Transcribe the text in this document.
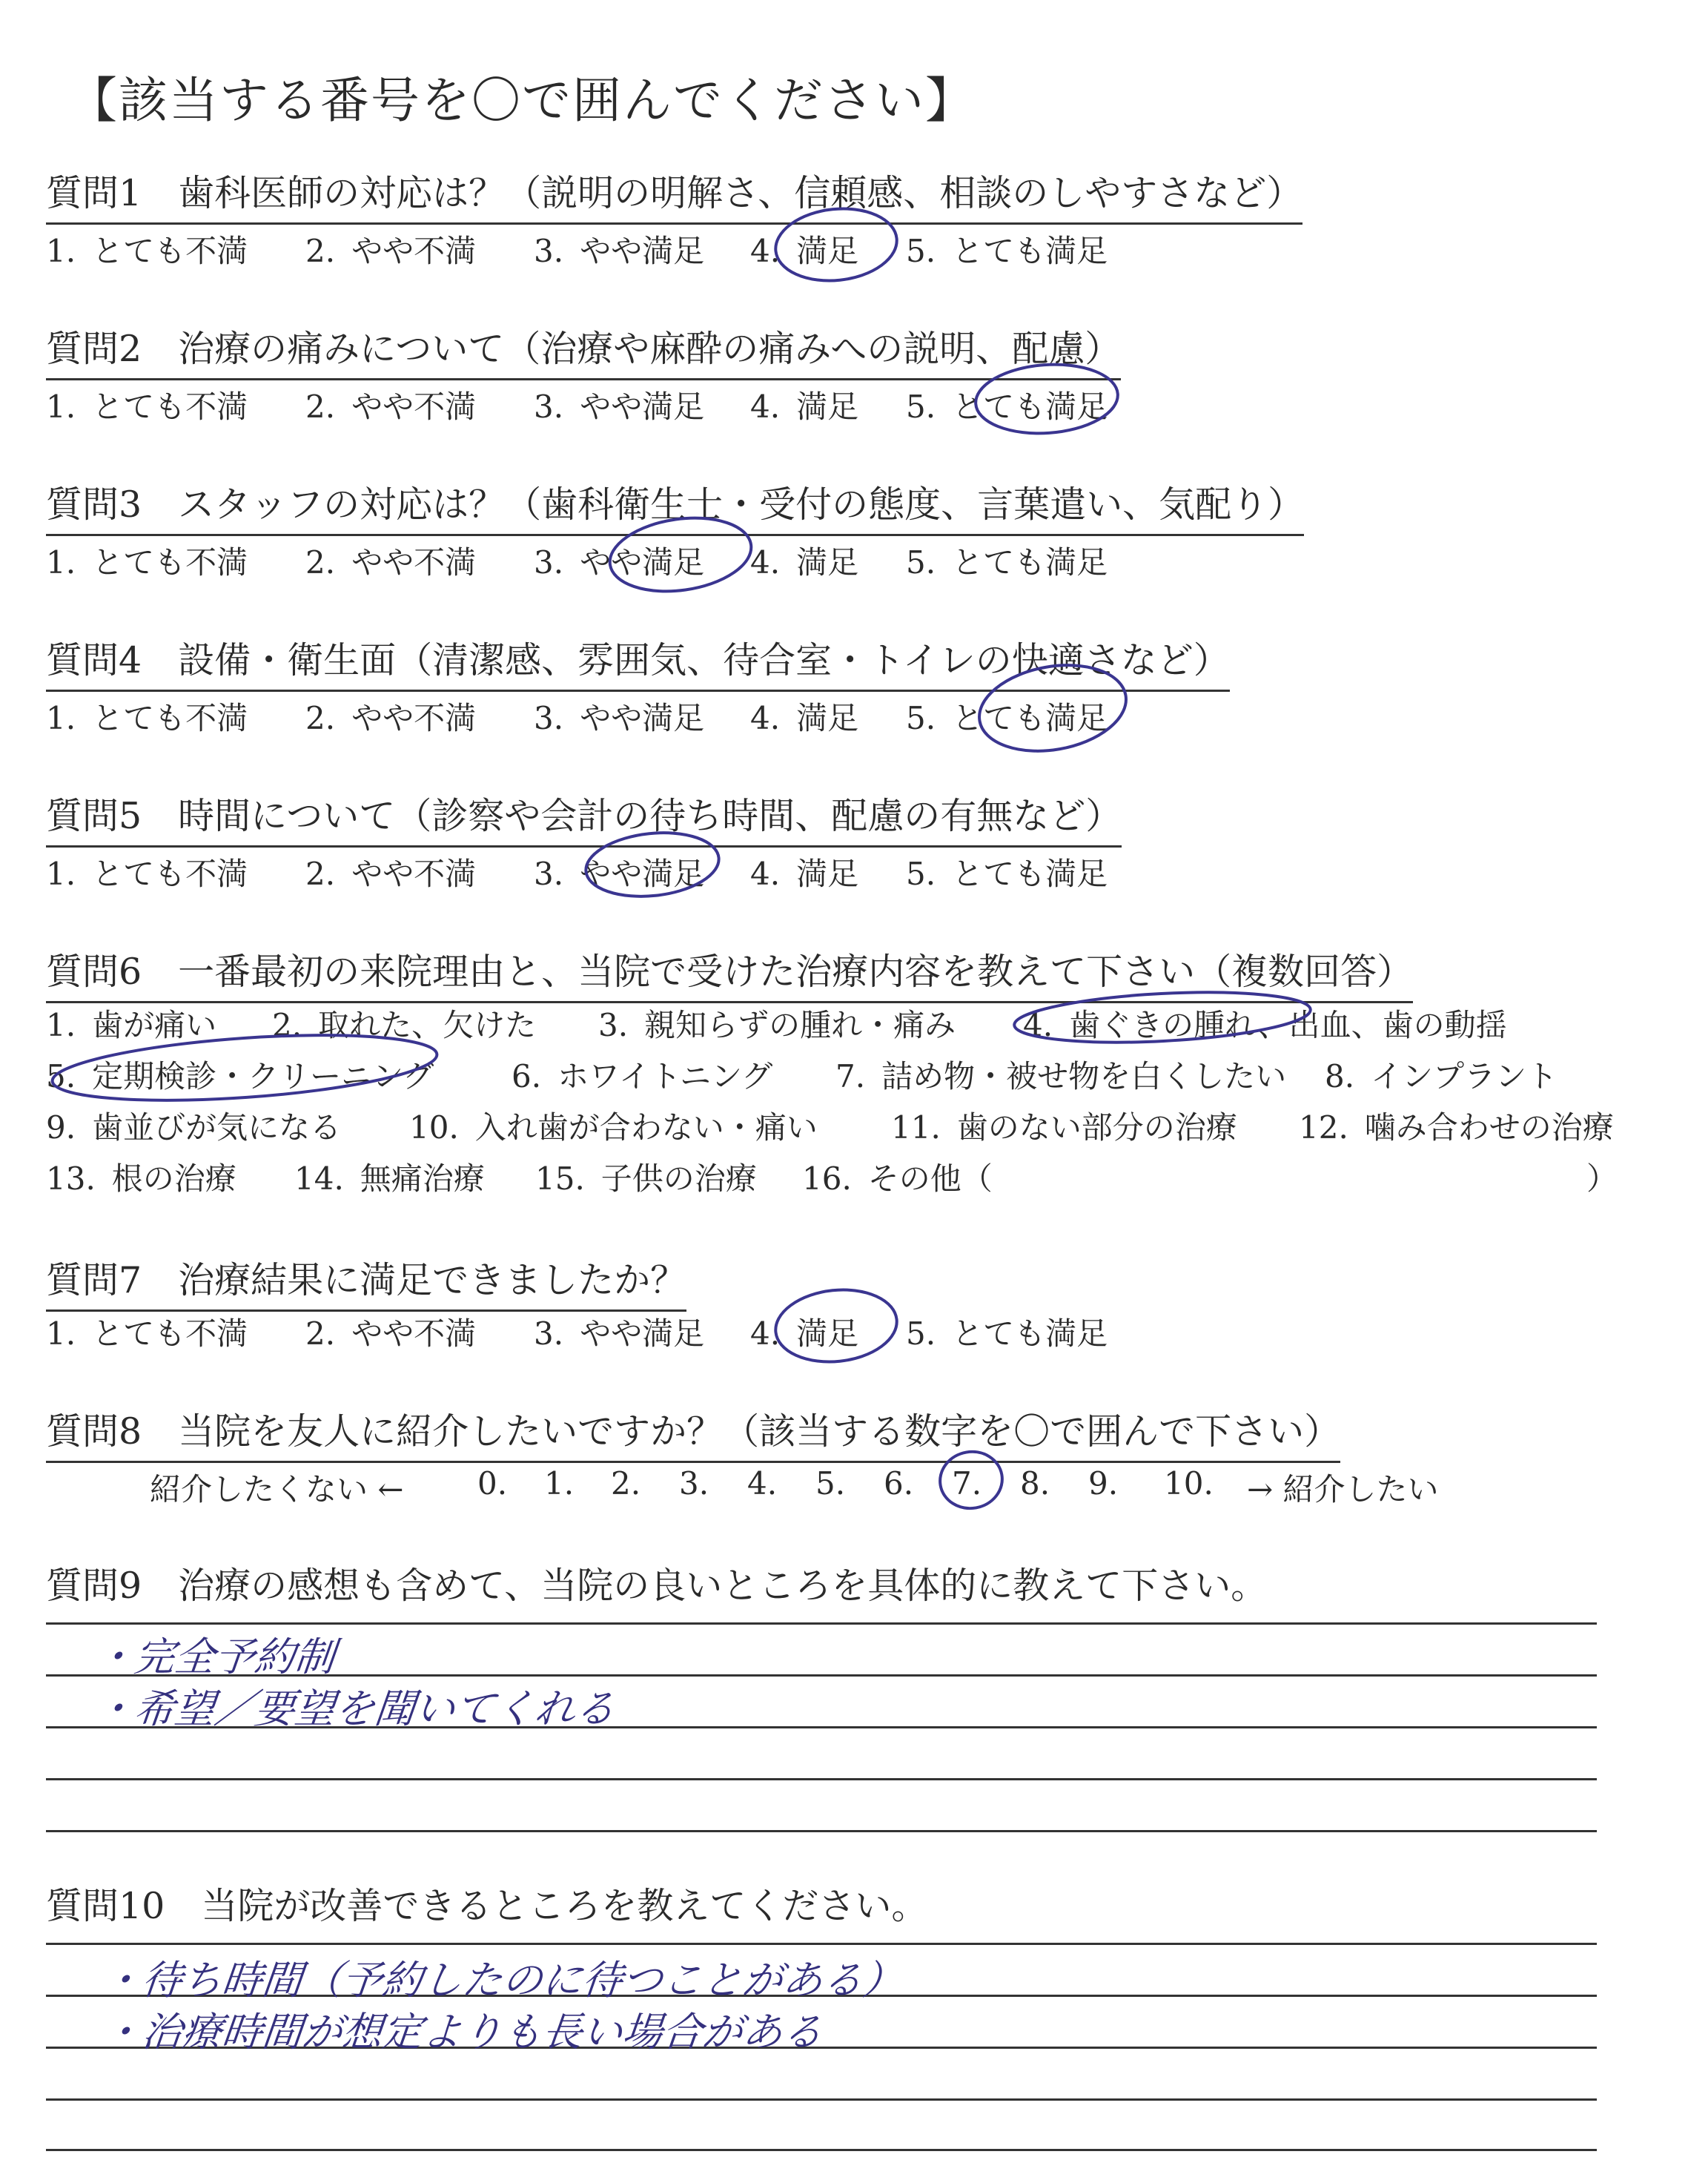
【該当する番号を〇で囲んでください】
質問1　歯科医師の対応は？（説明の明解さ、信頼感、相談のしやすさなど）
1. とても不満 2. やや不満 3. やや満足 4. 満足 5. とても満足
質問2　治療の痛みについて（治療や麻酔の痛みへの説明、配慮）
1. とても不満 2. やや不満 3. やや満足 4. 満足 5. とても満足
質問3　スタッフの対応は？（歯科衛生士・受付の態度、言葉遣い、気配り）
1. とても不満 2. やや不満 3. やや満足 4. 満足 5. とても満足
質問4　設備・衛生面（清潔感、雰囲気、待合室・トイレの快適さなど）
1. とても不満 2. やや不満 3. やや満足 4. 満足 5. とても満足
質問5　時間について（診察や会計の待ち時間、配慮の有無など）
1. とても不満 2. やや不満 3. やや満足 4. 満足 5. とても満足
質問6　一番最初の来院理由と、当院で受けた治療内容を教えて下さい（複数回答）
1. 歯が痛い 2. 取れた、欠けた 3. 親知らずの腫れ・痛み 4. 歯ぐきの腫れ、出血、歯の動揺
5. 定期検診・クリーニング 6. ホワイトニング 7. 詰め物・被せ物を白くしたい 8. インプラント
9. 歯並びが気になる 10. 入れ歯が合わない・痛い 11. 歯のない部分の治療 12. 噛み合わせの治療
13. 根の治療 14. 無痛治療 15. 子供の治療 16. その他（	）
質問7　治療結果に満足できましたか？
1. とても不満 2. やや不満 3. やや満足 4. 満足 5. とても満足
質問8　当院を友人に紹介したいですか？（該当する数字を〇で囲んで下さい）
紹介したくない ← 0. 1. 2. 3. 4. 5. 6. 7. 8. 9. 10. → 紹介したい
質問9　治療の感想も含めて、当院の良いところを具体的に教えて下さい。
・完全予約制
・希望／要望を聞いてくれる
質問10　当院が改善できるところを教えてください。
・待ち時間（予約したのに待つことがある）
・治療時間が想定よりも長い場合がある
